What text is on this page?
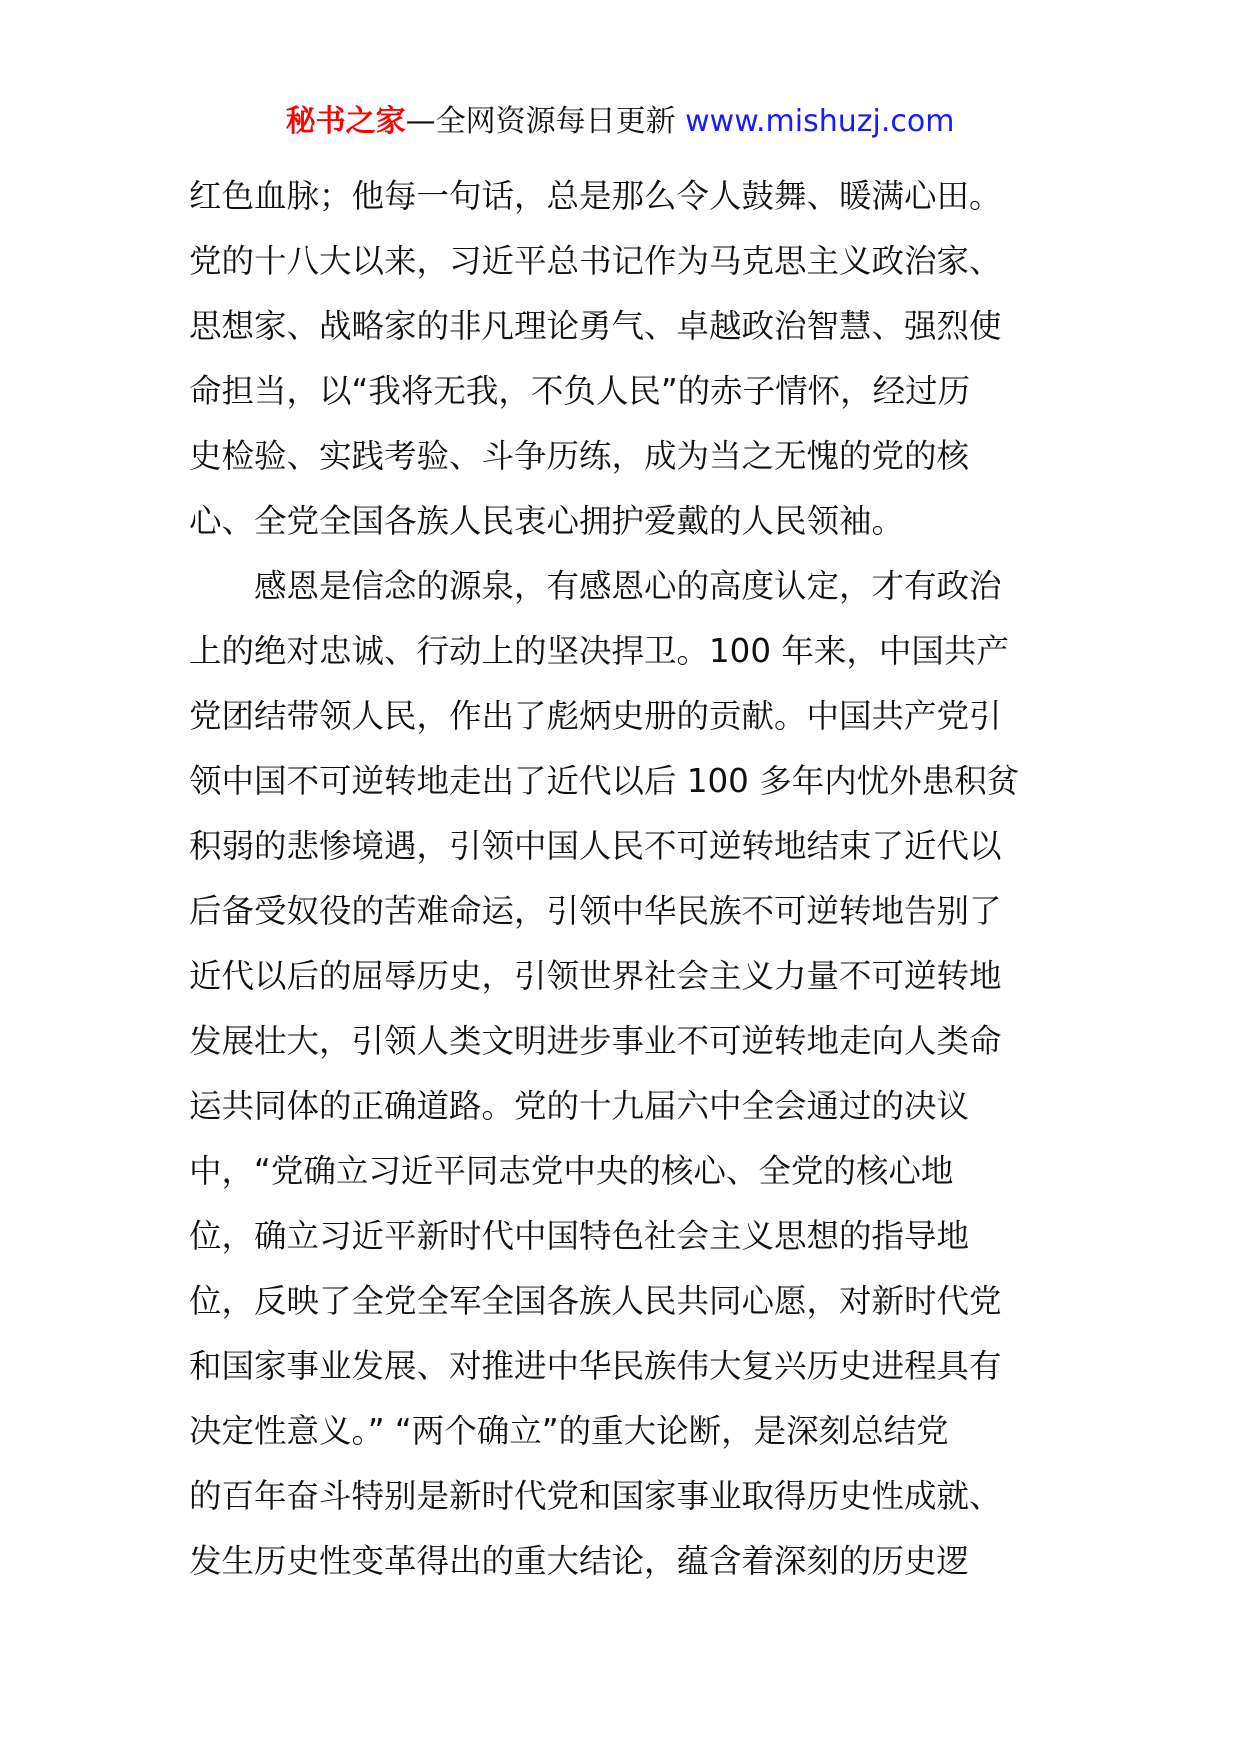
秘书之家—全网资源每日更新 www.mishuzj.com
红色血脉；他每一句话，总是那么令人鼓舞、暖满心田。
党的十八大以来，习近平总书记作为马克思主义政治家、
思想家、战略家的非凡理论勇气、卓越政治智慧、强烈使
命担当，以“我将无我，不负人民”的赤子情怀，经过历
史检验、实践考验、斗争历练，成为当之无愧的党的核
心、全党全国各族人民衷心拥护爱戴的人民领袖。
感恩是信念的源泉，有感恩心的高度认定，才有政治
上的绝对忠诚、行动上的坚决捍卫。100 年来，中国共产
党团结带领人民，作出了彪炳史册的贡献。中国共产党引
领中国不可逆转地走出了近代以后 100 多年内忧外患积贫
积弱的悲惨境遇，引领中国人民不可逆转地结束了近代以
后备受奴役的苦难命运，引领中华民族不可逆转地告别了
近代以后的屈辱历史，引领世界社会主义力量不可逆转地
发展壮大，引领人类文明进步事业不可逆转地走向人类命
运共同体的正确道路。党的十九届六中全会通过的决议
中，“党确立习近平同志党中央的核心、全党的核心地
位，确立习近平新时代中国特色社会主义思想的指导地
位，反映了全党全军全国各族人民共同心愿，对新时代党
和国家事业发展、对推进中华民族伟大复兴历史进程具有
决定性意义。” “两个确立”的重大论断，是深刻总结党
的百年奋斗特别是新时代党和国家事业取得历史性成就、
发生历史性变革得出的重大结论，蕴含着深刻的历史逻
